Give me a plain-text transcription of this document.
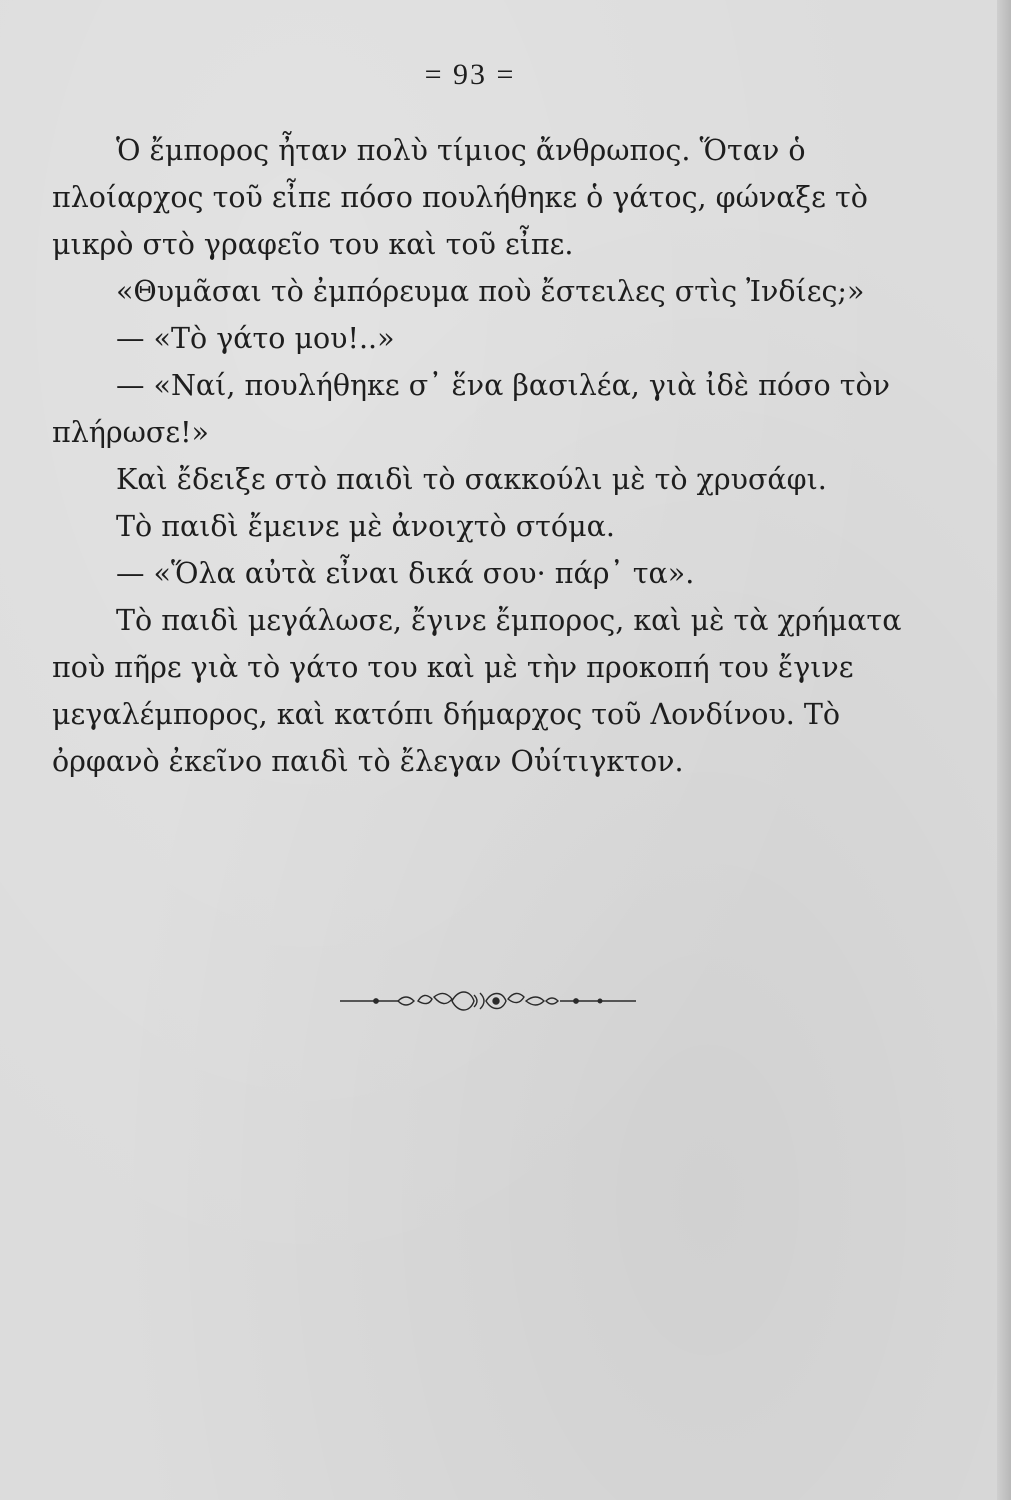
= 93 =
Ὁ ἔμπορος ἦταν πολὺ τίμιος ἄνθρωπος. Ὅταν ὁ
πλοίαρχος τοῦ εἶπε πόσο πουλήθηκε ὁ γάτος, φώναξε τὸ
μικρὸ στὸ γραφεῖο του καὶ τοῦ εἶπε.
«Θυμᾶσαι τὸ ἐμπόρευμα ποὺ ἔστειλες στὶς Ἰνδίες;»
— «Τὸ γάτο μου!..»
— «Ναί, πουλήθηκε σ᾿ ἕνα βασιλέα, γιὰ ἰδὲ πόσο τὸν
πλήρωσε!»
Καὶ ἔδειξε στὸ παιδὶ τὸ σακκούλι μὲ τὸ χρυσάφι.
Τὸ παιδὶ ἔμεινε μὲ ἀνοιχτὸ στόμα.
— «Ὅλα αὐτὰ εἶναι δικά σου· πάρ᾿ τα».
Τὸ παιδὶ μεγάλωσε, ἔγινε ἔμπορος, καὶ μὲ τὰ χρήματα
ποὺ πῆρε γιὰ τὸ γάτο του καὶ μὲ τὴν προκοπή του ἔγινε
μεγαλέμπορος, καὶ κατόπι δήμαρχος τοῦ Λονδίνου. Τὸ
ὀρφανὸ ἐκεῖνο παιδὶ τὸ ἔλεγαν Οὐίτιγκτον.
